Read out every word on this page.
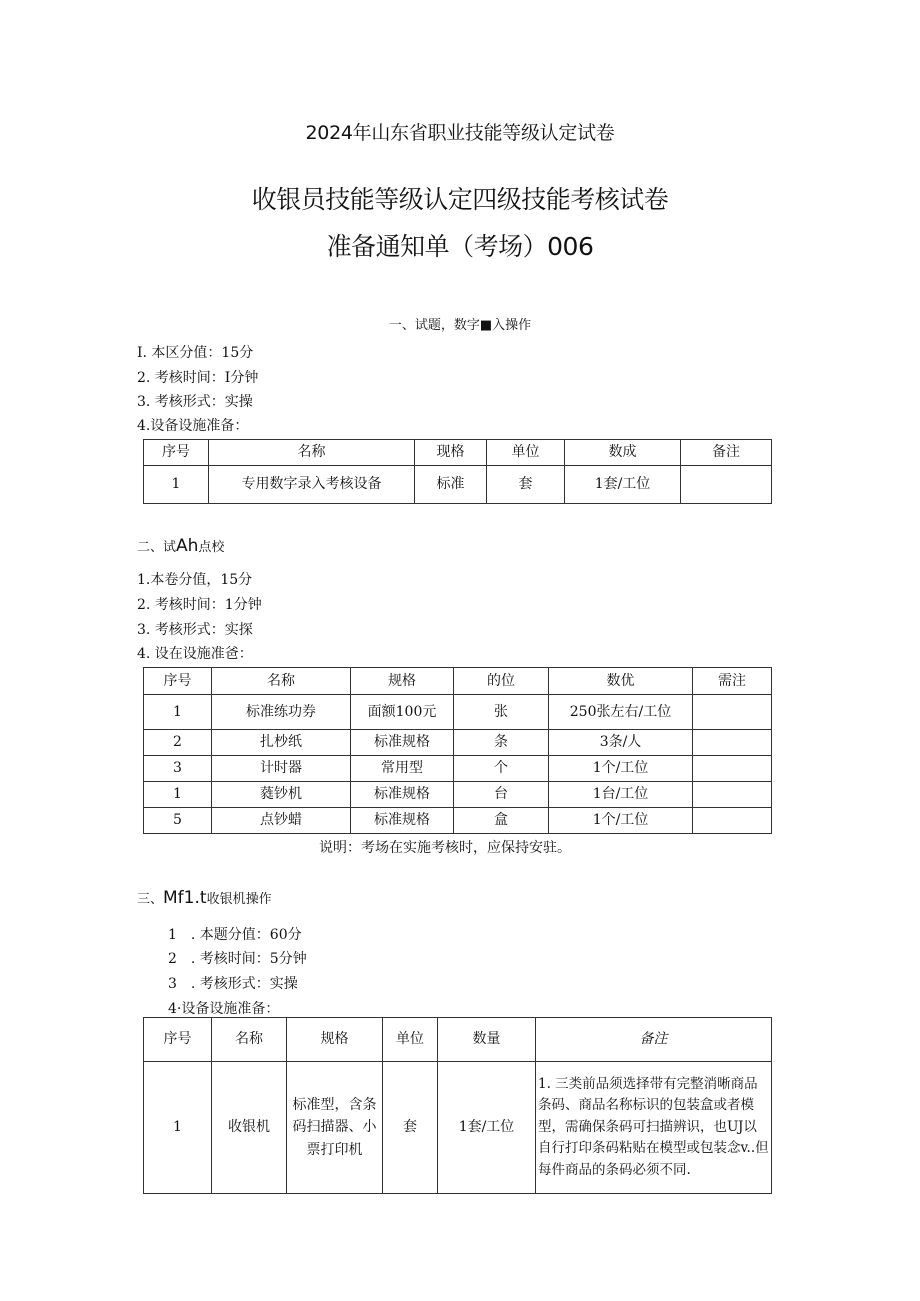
2024年山东省职业技能等级认定试卷
收银员技能等级认定四级技能考核试卷
准备通知单（考场）006
一、试题，数字■入操作
I. 本区分值：15分
2. 考核时间：I分钟
3. 考核形式：实操
4.设备设施准备：
序号	名称	现格	单位	数成	备注
1	专用数字录入考核设备	标准	套	1套/工位	
二、试Ah点校
1.本卷分值，15分
2. 考核时间：1分钟
3. 考核形式：实探
4. 设在设施准爸：
序号	名称	规格	的位	数优	需注
1	标准练功券	面额100元	张	250张左右/工位	
2	扎杪纸	标准规格	条	3条/人	
3	计时器	常用型	个	1个/工位	
1	蕤钞机	标准规格	台	1台/工位	
5	点钞蜡	标准规格	盒	1个/工位	
说明：考场在实施考核时，应保持安驻。
三、Mf1.t收银机操作
1　. 本题分值：60分
2　. 考核时间：5分钟
3　. 考核形式：实操
4·设备设施准备：
序号	名称	规格	单位	数量	备注
1	收银机	标准型，含条码扫描器、小票打印机	套	1套/工位	1. 三类前品须选择带有完整消晰商品条码、商品名称标识的包装盒或者模型，需确保条码可扫描辨识，也UJ以自行打印条码粘贴在模型或包装念v..但每件商品的条码必须不同.
